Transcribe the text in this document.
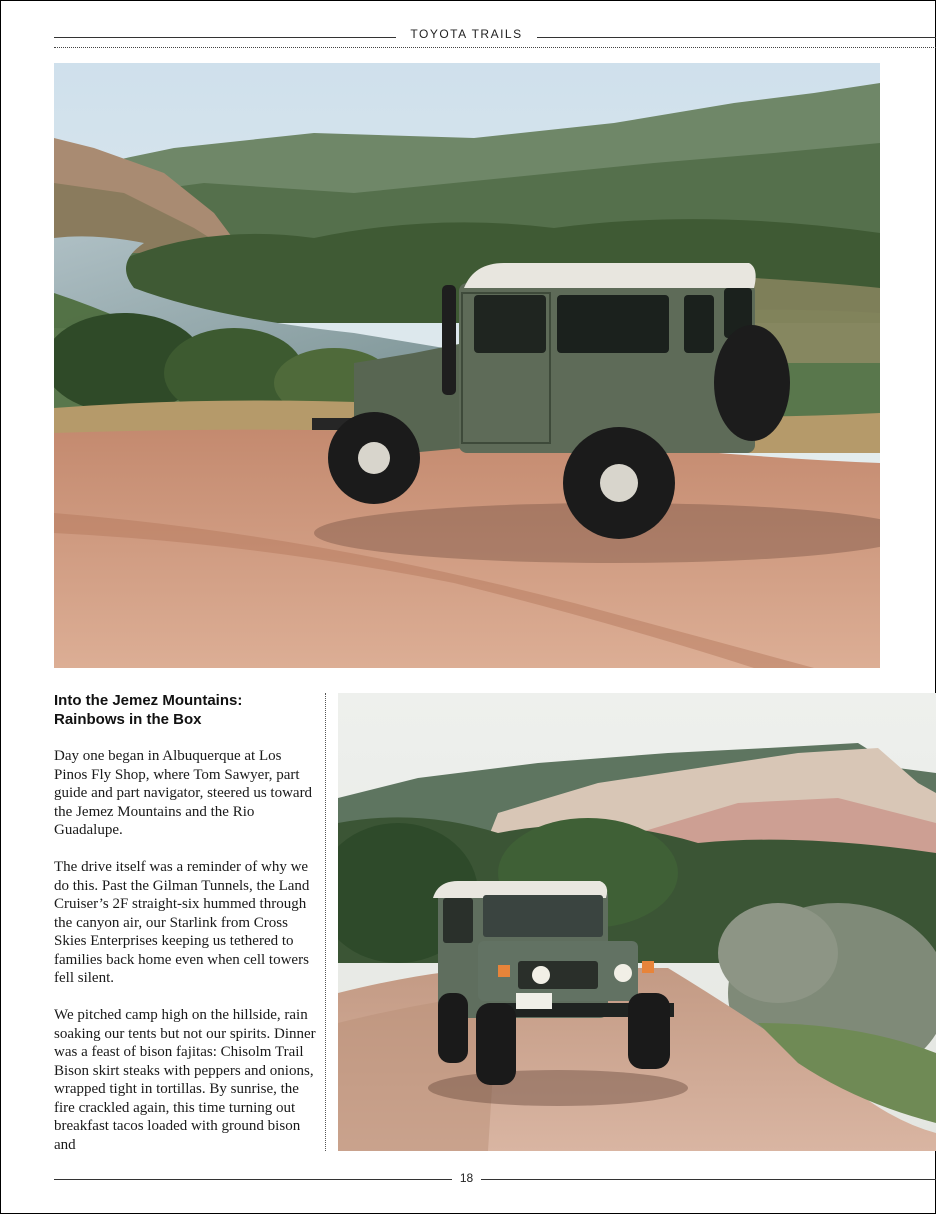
TOYOTA TRAILS
Into the Jemez Mountains:
Rainbows in the Box

Day one began in Albuquerque at Los Pinos Fly Shop, where Tom Sawyer, part guide and part navigator, steered us toward the Jemez Mountains and the Rio Guadalupe.

The drive itself was a reminder of why we do this. Past the Gilman Tunnels, the Land Cruiser’s 2F straight-six hummed through the canyon air, our Starlink from Cross Skies Enterprises keeping us tethered to families back home even when cell towers fell silent.

We pitched camp high on the hillside, rain soaking our tents but not our spirits. Dinner was a feast of bison fajitas: Chisolm Trail Bison skirt steaks with peppers and onions, wrapped tight in tortillas. By sunrise, the fire crackled again, this time turning out breakfast tacos loaded with ground bison and

18
